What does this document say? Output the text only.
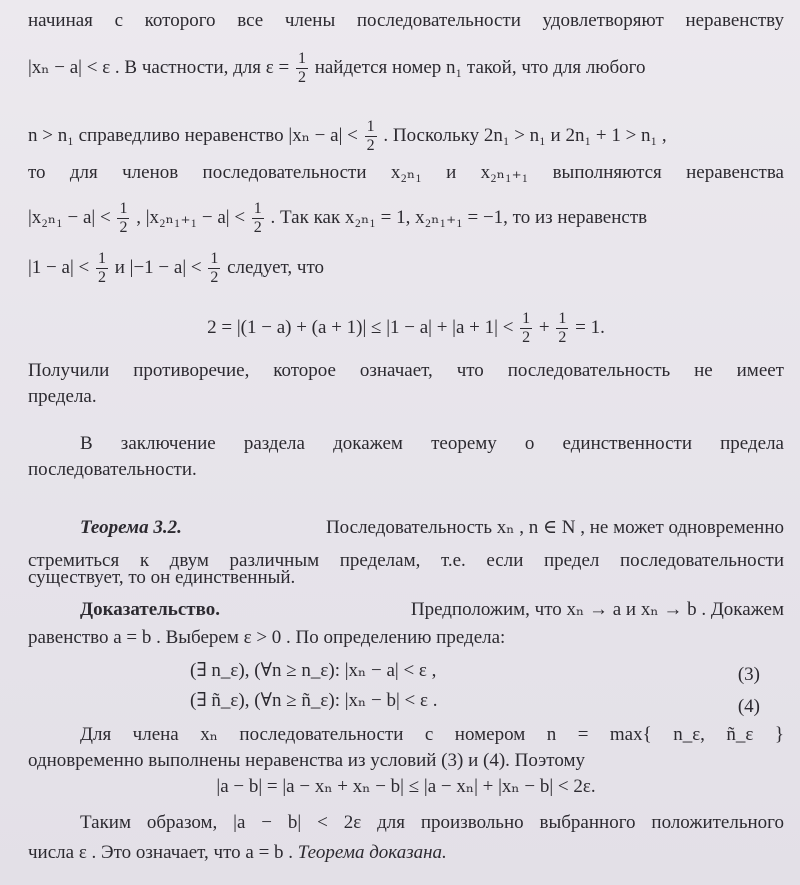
начиная с которого все члены последовательности удовлетворяют неравенству
|xₙ − a| < ε . В частности, для $\varepsilon = \frac{1}{2}$ найдется номер n₁ такой, что для любого
n > n₁ справедливо неравенство $|x_n - a| < \frac{1}{2}$ . Поскольку 2n₁ > n₁ и 2n₁ + 1 > n₁ ,
то для членов последовательности x₂ₙ₁ и x₂ₙ₁₊₁ выполняются неравенства
$|x_{2n1} - a| < \frac{1}{2}$ , $|x_{2n1+1} - a| < \frac{1}{2}$ . Так как x₂ₙ₁ = 1, x₂ₙ₁₊₁ = −1, то из неравенств
$|1 - a| < \frac{1}{2}$ и $|-1 - a| < \frac{1}{2}$ следует, что
$2 = |(1 - a) + (a + 1)| \le |1 - a| + |a + 1| < \frac{1}{2} + \frac{1}{2} = 1$.
Получили противоречие, которое означает, что последовательность не имеет
предела.
В заключение раздела докажем теорему о единственности предела
последовательности.
Теорема 3.2.	Последовательность xₙ , n ∈ N , не может одновременно
стремиться к двум различным пределам, т.е. если предел последовательности
существует, то он единственный.
Доказательство.	Предположим, что xₙ → a и xₙ → b . Докажем
равенство a = b . Выберем ε > 0 . По определению предела:
(∃ n_ε), (∀n ≥ n_ε): |xₙ − a| < ε ,	(3)
(∃ ñ_ε), (∀n ≥ ñ_ε): |xₙ − b| < ε .	(4)
Для члена xₙ последовательности с номером n = max{ n_ε, ñ_ε }
одновременно выполнены неравенства из условий (3) и (4). Поэтому
|a − b| = |a − xₙ + xₙ − b| ≤ |a − xₙ| + |xₙ − b| < 2ε.
Таким образом, |a − b| < 2ε для произвольно выбранного положительного
числа ε . Это означает, что a = b . Теорема доказана.
